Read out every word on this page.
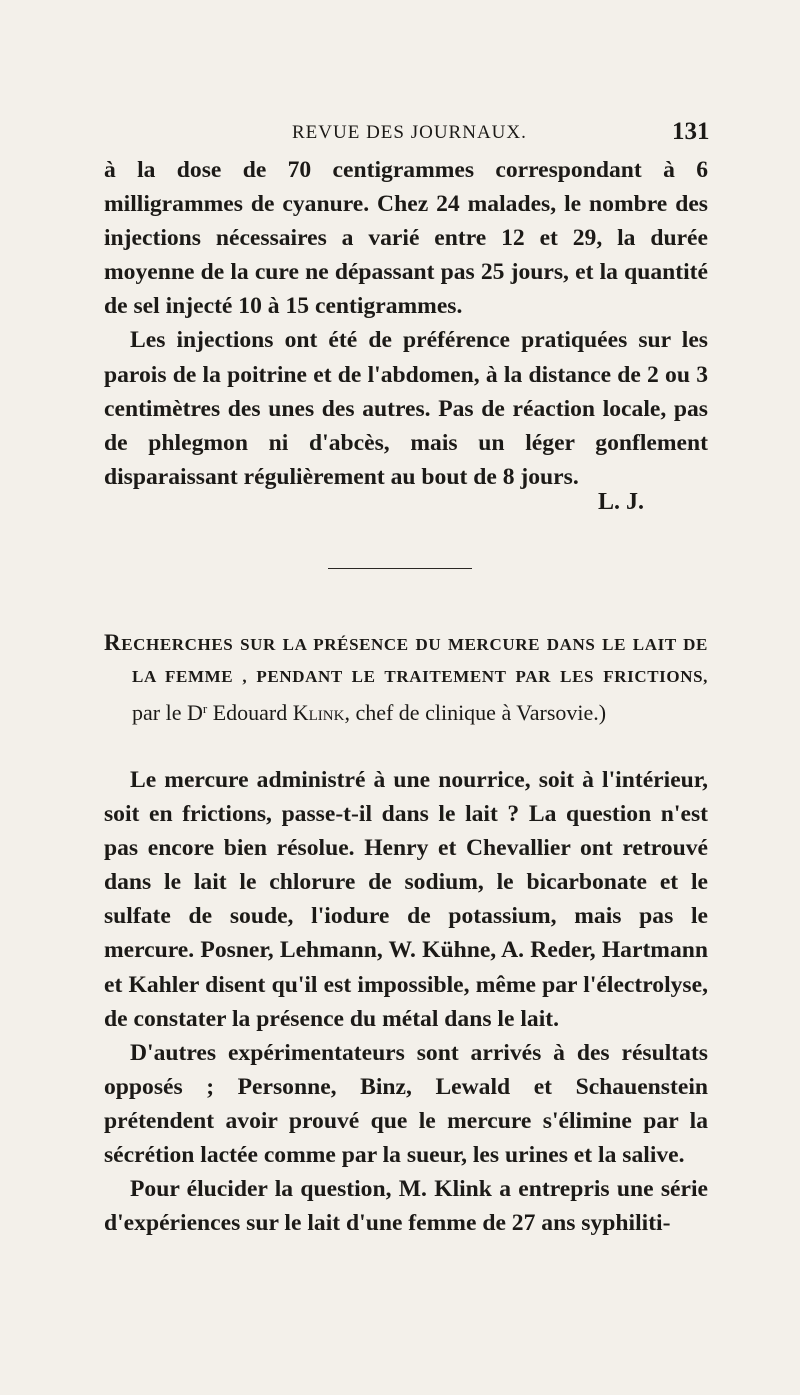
REVUE DES JOURNAUX.	131

à la dose de 70 centigrammes correspondant à 6 milligrammes de cyanure. Chez 24 malades, le nombre des injections nécessaires a varié entre 12 et 29, la durée moyenne de la cure ne dépassant pas 25 jours, et la quantité de sel injecté 10 à 15 centigrammes.

Les injections ont été de préférence pratiquées sur les parois de la poitrine et de l'abdomen, à la distance de 2 ou 3 centimètres des unes des autres. Pas de réaction locale, pas de phlegmon ni d'abcès, mais un léger gonflement disparaissant régulièrement au bout de 8 jours.

L. J.
RECHERCHES SUR LA PRÉSENCE DU MERCURE DANS LE LAIT DE
LA FEMME , PENDANT LE TRAITEMENT PAR LES FRICTIONS,
par le $D^r$ Edouard Klink, chef de clinique à Varsovie.)

Le mercure administré à une nourrice, soit à l'intérieur, soit en frictions, passe-t-il dans le lait ? La question n'est pas encore bien résolue. Henry et Chevallier ont retrouvé dans le lait le chlorure de sodium, le bicarbonate et le sulfate de soude, l'iodure de potassium, mais pas le mercure. Posner, Lehmann, W. Kühne, A. Reder, Hartmann et Kahler disent qu'il est impossible, même par l'électrolyse, de constater la présence du métal dans le lait.

D'autres expérimentateurs sont arrivés à des résultats opposés ; Personne, Binz, Lewald et Schauenstein prétendent avoir prouvé que le mercure s'élimine par la sécrétion lactée comme par la sueur, les urines et la salive.

Pour élucider la question, M. Klink a entrepris une série d'expériences sur le lait d'une femme de 27 ans syphiliti-
